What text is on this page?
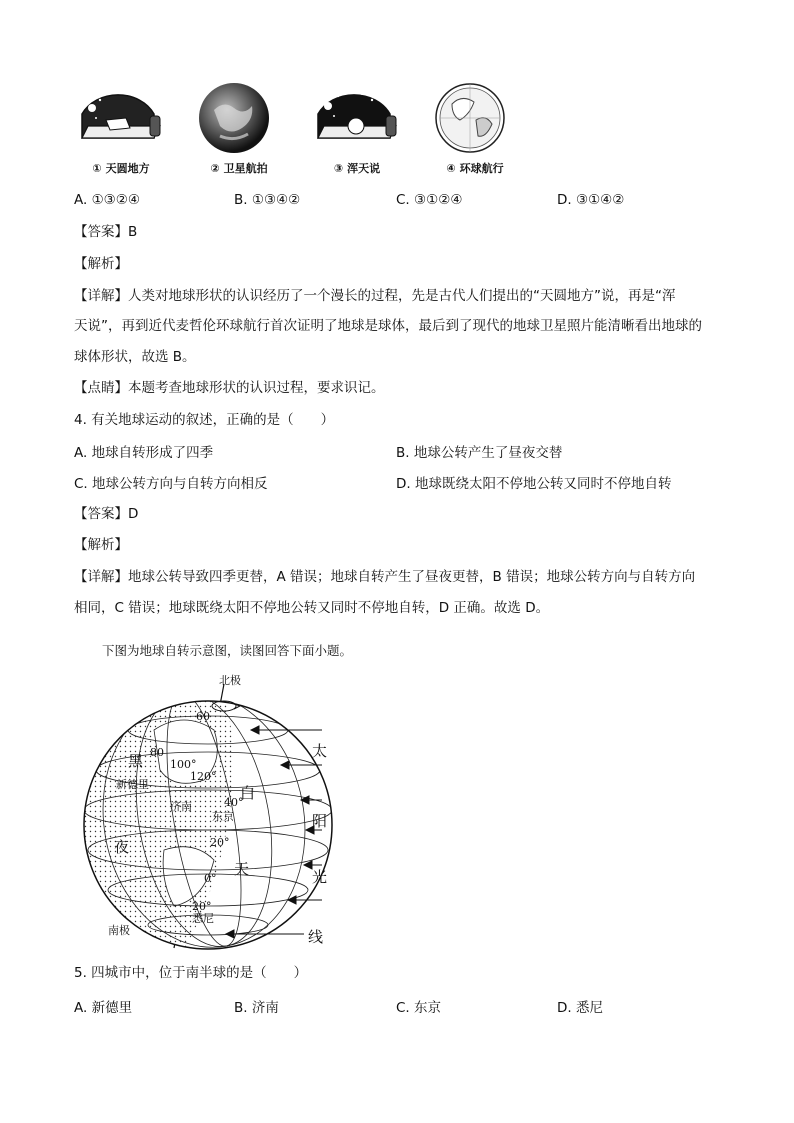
① 天圆地方	② 卫星航拍	③ 浑天说	④ 环球航行
A. ①③②④	B. ①③④②	C. ③①②④	D. ③①④②
【答案】B
【解析】
【详解】人类对地球形状的认识经历了一个漫长的过程，先是古代人们提出的“天圆地方”说，再是“浑
天说”，再到近代麦哲伦环球航行首次证明了地球是球体，最后到了现代的地球卫星照片能清晰看出地球的
球体形状，故选 B。
【点睛】本题考查地球形状的认识过程，要求识记。
4. 有关地球运动的叙述，正确的是（　　）
A. 地球自转形成了四季	B. 地球公转产生了昼夜交替
C. 地球公转方向与自转方向相反	D. 地球既绕太阳不停地公转又同时不停地自转
【答案】D
【解析】
【详解】地球公转导致四季更替，A 错误；地球自转产生了昼夜更替，B 错误；地球公转方向与自转方向
相同，C 错误；地球既绕太阳不停地公转又同时不停地自转，D 正确。故选 D。
下图为地球自转示意图，读图回答下面小题。
北极
南极
黑
夜
白
天
太
阳
光
线
80
60
40°
20°
0°
20°
100°
120°
新德里
济南
东京
悉尼
5. 四城市中，位于南半球的是（　　）
A. 新德里	B. 济南	C. 东京	D. 悉尼
